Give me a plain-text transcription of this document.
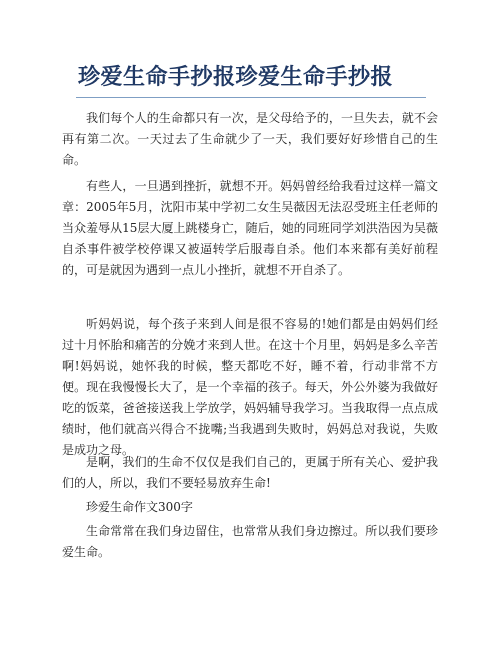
珍爱生命手抄报珍爱生命手抄报
我们每个人的生命都只有一次，是父母给予的，一旦失去，就不会再有第二次。一天过去了生命就少了一天，我们要好好珍惜自己的生命。
有些人，一旦遇到挫折，就想不开。妈妈曾经给我看过这样一篇文章：2005年5月，沈阳市某中学初二女生吴薇因无法忍受班主任老师的当众羞辱从15层大厦上跳楼身亡，随后，她的同班同学刘洪浩因为吴薇自杀事件被学校停课又被逼转学后服毒自杀。他们本来都有美好前程的，可是就因为遇到一点儿小挫折，就想不开自杀了。
听妈妈说，每个孩子来到人间是很不容易的!她们都是由妈妈们经过十月怀胎和痛苦的分娩才来到人世。在这十个月里，妈妈是多么辛苦啊!妈妈说，她怀我的时候，整天都吃不好，睡不着，行动非常不方便。现在我慢慢长大了，是一个幸福的孩子。每天，外公外婆为我做好吃的饭菜，爸爸接送我上学放学，妈妈辅导我学习。当我取得一点点成绩时，他们就高兴得合不拢嘴;当我遇到失败时，妈妈总对我说，失败是成功之母。
是啊，我们的生命不仅仅是我们自己的，更属于所有关心、爱护我们的人，所以，我们不要轻易放弃生命!
珍爱生命作文300字
生命常常在我们身边留住，也常常从我们身边擦过。所以我们要珍爱生命。
